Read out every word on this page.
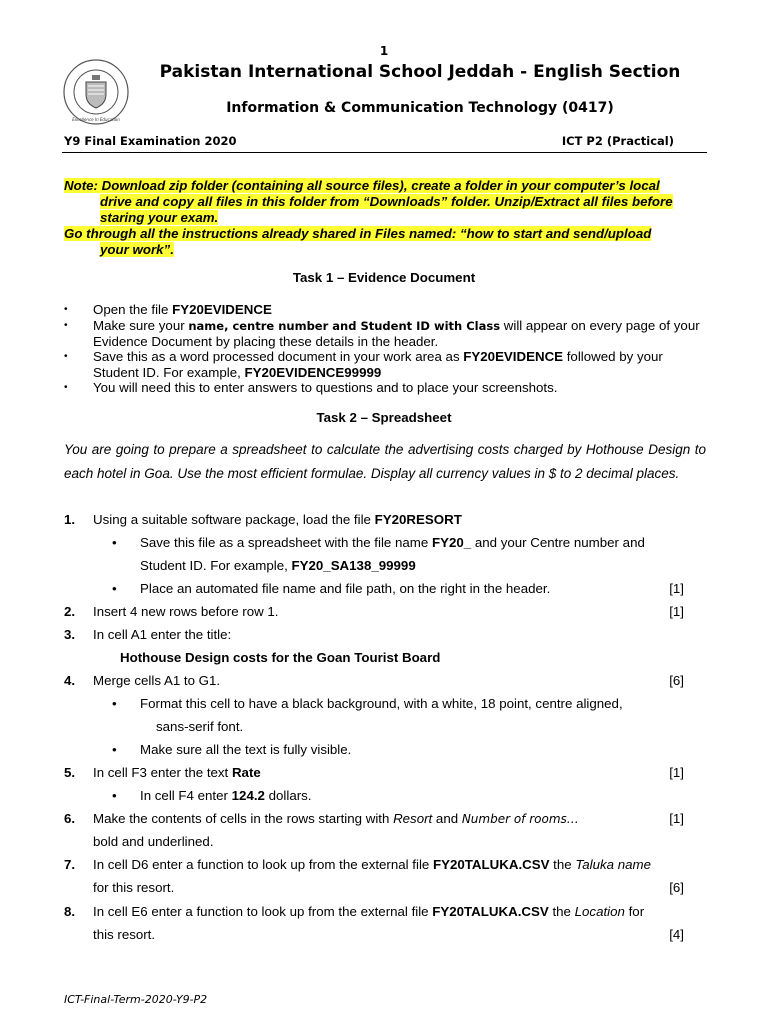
1
Excellence In Education
Pakistan International School Jeddah - English Section
Information & Communication Technology (0417)
Y9 Final Examination 2020	ICT P2 (Practical)

Note: Download zip folder (containing all source files), create a folder in your computer’s local

drive and copy all files in this folder from “Downloads” folder. Unzip/Extract all files before

staring your exam.

Go through all the instructions already shared in Files named: “how to start and send/upload

your work”.

Task 1 – Evidence Document
•	Open the file FY20EVIDENCE
•	Make sure your name, centre number and Student ID with Class will appear on every page of your
Evidence Document by placing these details in the header.
•	Save this as a word processed document in your work area as FY20EVIDENCE followed by your
Student ID. For example, FY20EVIDENCE99999
•	You will need this to enter answers to questions and to place your screenshots.
Task 2 – Spreadsheet
You are going to prepare a spreadsheet to calculate the advertising costs charged by Hothouse Design to each hotel in Goa. Use the most efficient formulae. Display all currency values in $ to 2 decimal places.
1. Using a suitable software package, load the file FY20RESORT
• Save this file as a spreadsheet with the file name FY20_ and your Centre number and
Student ID. For example, FY20_SA138_99999
• Place an automated file name and file path, on the right in the header.	[1]
2. Insert 4 new rows before row 1.	[1]
3. In cell A1 enter the title:
Hothouse Design costs for the Goan Tourist Board
4. Merge cells A1 to G1.	[6]
• Format this cell to have a black background, with a white, 18 point, centre aligned,
sans-serif font.
• Make sure all the text is fully visible.
5. In cell F3 enter the text Rate	[1]
• In cell F4 enter 124.2 dollars.
6. Make the contents of cells in the rows starting with Resort and Number of rooms…	[1]
bold and underlined.
7. In cell D6 enter a function to look up from the external file FY20TALUKA.CSV the Taluka name
for this resort.	[6]
8. In cell E6 enter a function to look up from the external file FY20TALUKA.CSV the Location for
this resort.	[4]
ICT-Final-Term-2020-Y9-P2
